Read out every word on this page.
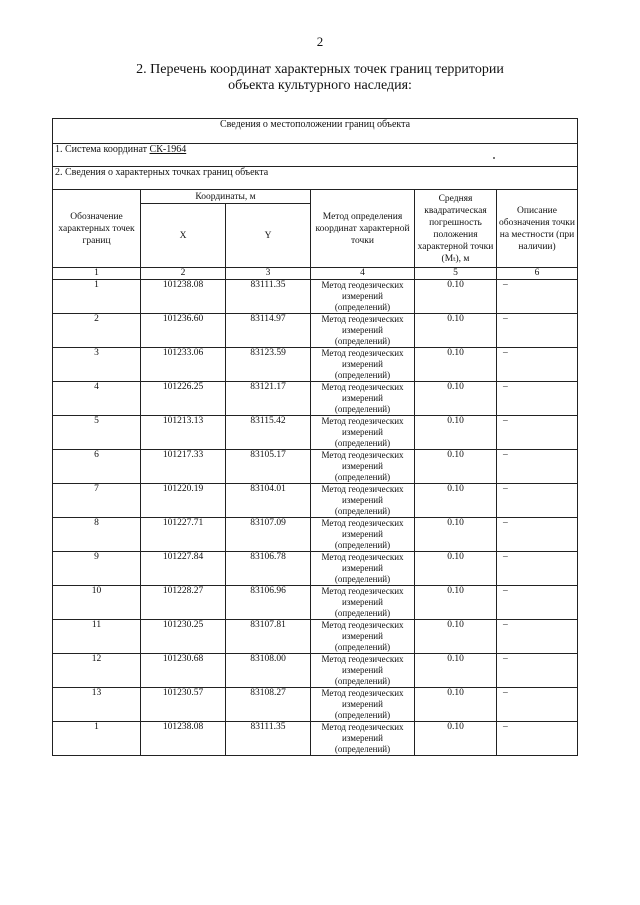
2
2. Перечень координат характерных точек границ территории
объекта культурного наследия:
Сведения о местоположении границ объекта					
1. Система координат СК-1964					
2. Сведения о характерных точках границ объекта					
Обозначение характерных точек границ	Координаты, м		Метод определения координат характерной точки	Средняя квадратическая погрешность положения характерной точки (Мₜ), м	Описание обозначения точки на местности (при наличии)
	X	Y			
1	2	3	4	5	6
1	101238.08	83111.35	Метод геодезических
измерений
(определений)	0.10	–
2	101236.60	83114.97	Метод геодезических
измерений
(определений)	0.10	–
3	101233.06	83123.59	Метод геодезических
измерений
(определений)	0.10	–
4	101226.25	83121.17	Метод геодезических
измерений
(определений)	0.10	–
5	101213.13	83115.42	Метод геодезических
измерений
(определений)	0.10	–
6	101217.33	83105.17	Метод геодезических
измерений
(определений)	0.10	–
7	101220.19	83104.01	Метод геодезических
измерений
(определений)	0.10	–
8	101227.71	83107.09	Метод геодезических
измерений
(определений)	0.10	–
9	101227.84	83106.78	Метод геодезических
измерений
(определений)	0.10	–
10	101228.27	83106.96	Метод геодезических
измерений
(определений)	0.10	–
11	101230.25	83107.81	Метод геодезических
измерений
(определений)	0.10	–
12	101230.68	83108.00	Метод геодезических
измерений
(определений)	0.10	–
13	101230.57	83108.27	Метод геодезических
измерений
(определений)	0.10	–
1	101238.08	83111.35	Метод геодезических
измерений
(определений)	0.10	–
